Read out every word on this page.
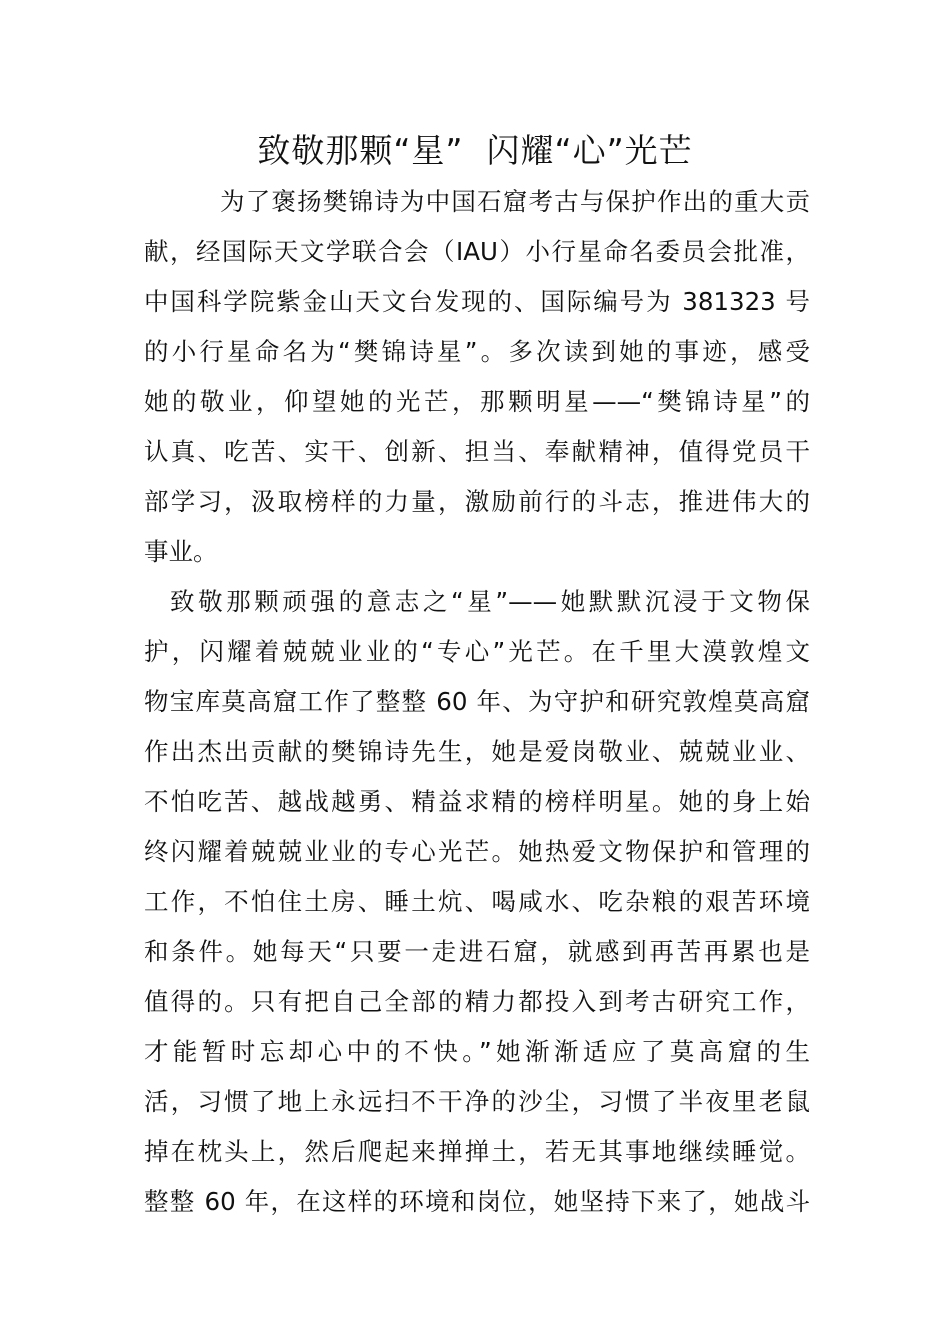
致敬那颗“星”  闪耀“心”光芒
为了褒扬樊锦诗为中国石窟考古与保护作出的重大贡
献，经国际天文学联合会（IAU）小行星命名委员会批准，
中国科学院紫金山天文台发现的、国际编号为 381323 号
的小行星命名为“樊锦诗星”。多次读到她的事迹，感受
她的敬业，仰望她的光芒，那颗明星——“樊锦诗星”的
认真、吃苦、实干、创新、担当、奉献精神，值得党员干
部学习，汲取榜样的力量，激励前行的斗志，推进伟大的
事业。
致敬那颗顽强的意志之“星”——她默默沉浸于文物保
护，闪耀着兢兢业业的“专心”光芒。在千里大漠敦煌文
物宝库莫高窟工作了整整 60 年、为守护和研究敦煌莫高窟
作出杰出贡献的樊锦诗先生，她是爱岗敬业、兢兢业业、
不怕吃苦、越战越勇、精益求精的榜样明星。她的身上始
终闪耀着兢兢业业的专心光芒。她热爱文物保护和管理的
工作，不怕住土房、睡土炕、喝咸水、吃杂粮的艰苦环境
和条件。她每天“只要一走进石窟，就感到再苦再累也是
值得的。只有把自己全部的精力都投入到考古研究工作，
才能暂时忘却心中的不快。”她渐渐适应了莫高窟的生
活，习惯了地上永远扫不干净的沙尘，习惯了半夜里老鼠
掉在枕头上，然后爬起来掸掸土，若无其事地继续睡觉。
整整 60 年，在这样的环境和岗位，她坚持下来了，她战斗
